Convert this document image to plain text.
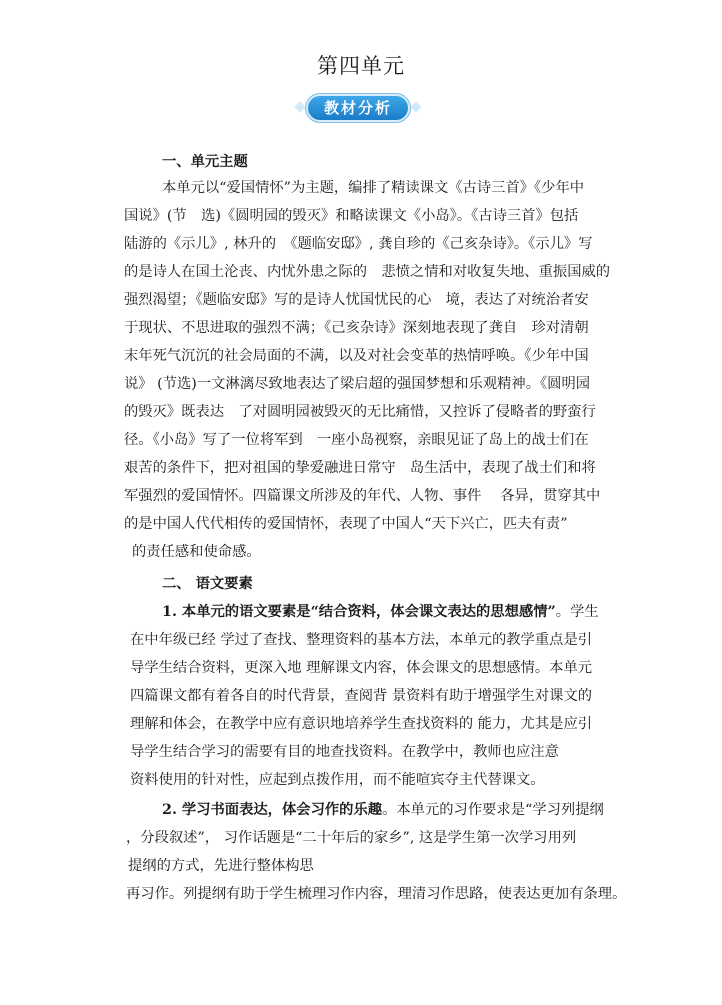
第四单元
教材分析
一、单元主题
本单元以“爱国情怀”为主题，编排了精读课文《古诗三首》《少年中
国说》(节　选)《圆明园的毁灭》和略读课文《小岛》。《古诗三首》包括
陆游的《示儿》, 林升的　《题临安邸》, 龚自珍的《己亥杂诗》。《示儿》写
的是诗人在国土沦丧、内忧外患之际的　悲愤之情和对收复失地、重振国威的
强烈渴望；《题临安邸》写的是诗人忧国忧民的心　境，表达了对统治者安
于现状、不思进取的强烈不满；《己亥杂诗》深刻地表现了龚自　珍对清朝
末年死气沉沉的社会局面的不满，以及对社会变革的热情呼唤。《少年中国
说》 (节选)一文淋漓尽致地表达了梁启超的强国梦想和乐观精神。《圆明园
的毁灭》既表达　了对圆明园被毁灭的无比痛惜，又控诉了侵略者的野蛮行
径。《小岛》写了一位将军到　一座小岛视察，亲眼见证了岛上的战士们在
艰苦的条件下，把对祖国的挚爱融进日常守　岛生活中，表现了战士们和将
军强烈的爱国情怀。四篇课文所涉及的年代、人物、事件　 各异，贯穿其中
的是中国人代代相传的爱国情怀，表现了中国人“天下兴亡，匹夫有责”
的责任感和使命感。
二、 语文要素
1. 本单元的语文要素是“结合资料，体会课文表达的思想感情”。学生
在中年级已经 学过了查找、整理资料的基本方法，本单元的教学重点是引
导学生结合资料，更深入地 理解课文内容，体会课文的思想感情。本单元
四篇课文都有着各自的时代背景，查阅背 景资料有助于增强学生对课文的
理解和体会，在教学中应有意识地培养学生查找资料的 能力，尤其是应引
导学生结合学习的需要有目的地查找资料。在教学中，教师也应注意
资料使用的针对性，应起到点拨作用，而不能喧宾夺主代替课文。
2. 学习书面表达，体会习作的乐趣。本单元的习作要求是“学习列提纲
，分段叙述”， 习作话题是“二十年后的家乡”, 这是学生第一次学习用列
提纲的方式，先进行整体构思
再习作。列提纲有助于学生梳理习作内容，理清习作思路，使表达更加有条理。
